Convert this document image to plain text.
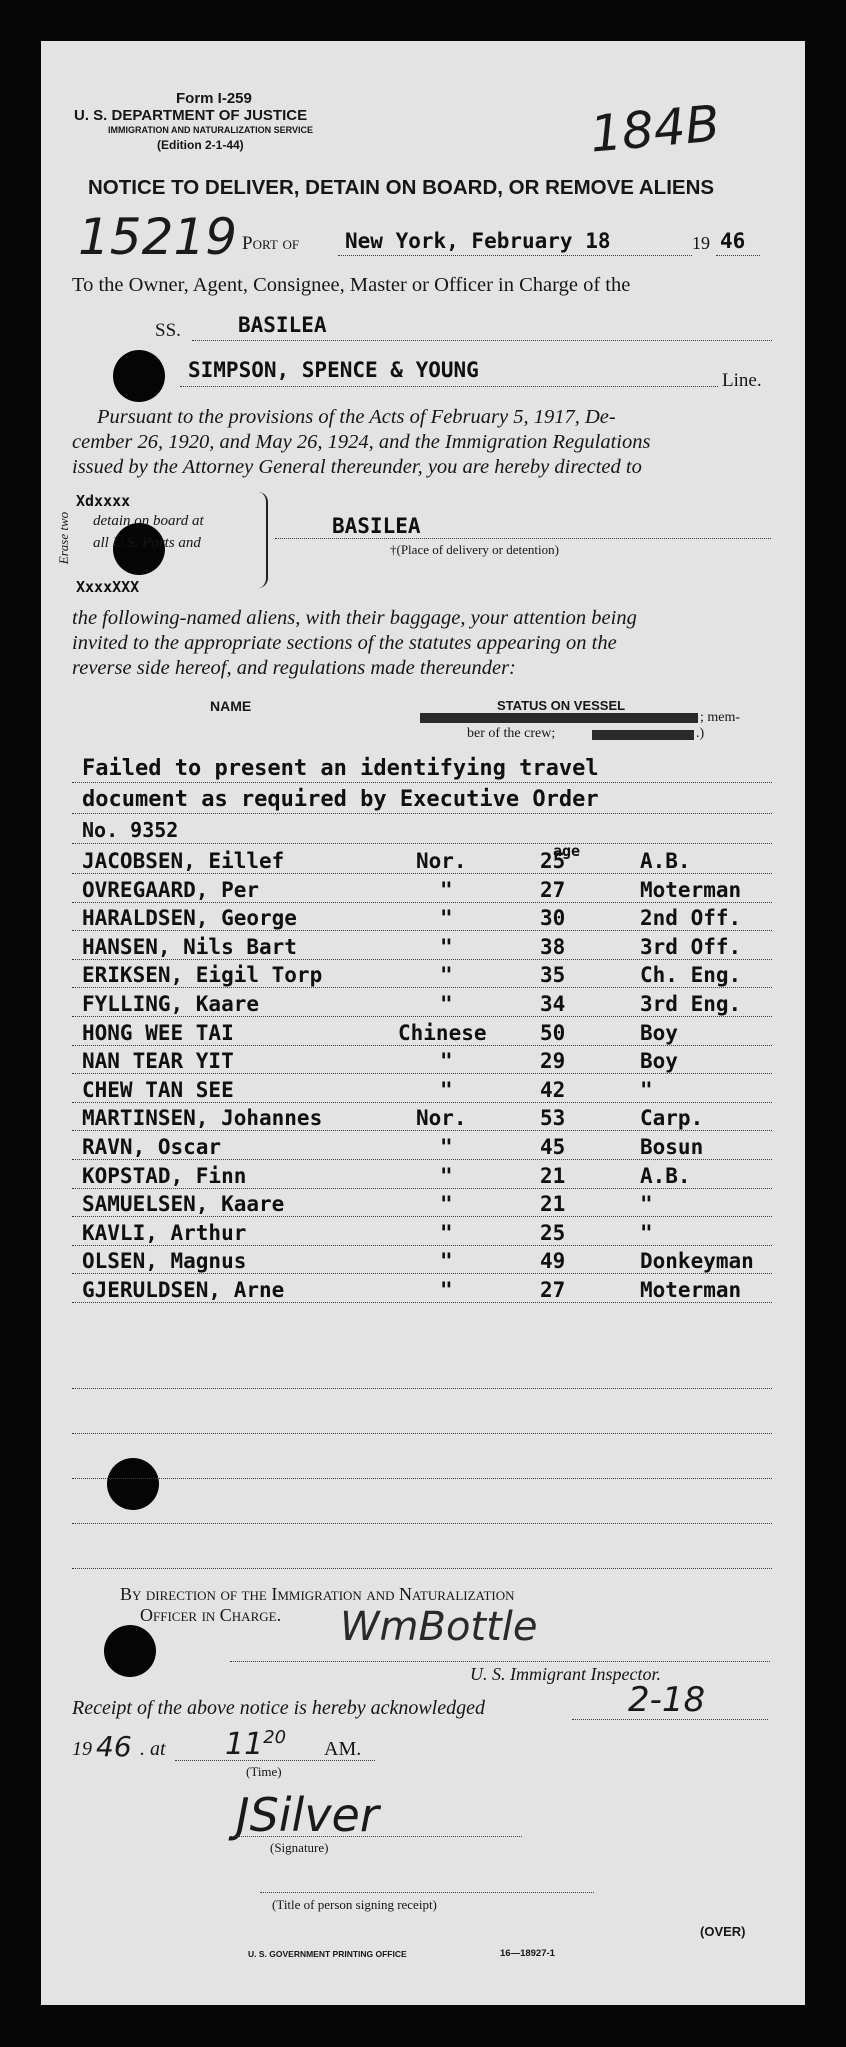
Form I-259
U. S. DEPARTMENT OF JUSTICE
IMMIGRATION AND NATURALIZATION SERVICE
(Edition 2-1-44)	184B
NOTICE TO DELIVER, DETAIN ON BOARD, OR REMOVE ALIENS
15219 Port of New York, February 18	19 46
To the Owner, Agent, Consignee, Master or Officer in Charge of the
SS.	BASILEA
SIMPSON, SPENCE & YOUNG	Line.
Pursuant to the provisions of the Acts of February 5, 1917, De-
cember 26, 1920, and May 26, 1924, and the Immigration Regulations
issued by the Attorney General thereunder, you are hereby directed to
Erase two
Xdxxxx
detain on board at
all U.S. Ports and
XxxxXXX
BASILEA
†(Place of delivery or detention)
the following-named aliens, with their baggage, your attention being
invited to the appropriate sections of the statutes appearing on the
reverse side hereof, and regulations made thereunder:
NAME	STATUS ON VESSEL
; mem-
ber of the crew;	.)
Failed to present an identifying travel
document as required by Executive Order
No. 9352
age
JACOBSEN, Eillef	Nor.	25	A.B.
OVREGAARD, Per	"	27	Moterman
HARALDSEN, George	"	30	2nd Off.
HANSEN, Nils Bart	"	38	3rd Off.
ERIKSEN, Eigil Torp	"	35	Ch. Eng.
FYLLING, Kaare	"	34	3rd Eng.
HONG WEE TAI	Chinese	50	Boy
NAN TEAR YIT	"	29	Boy
CHEW TAN SEE	"	42	"
MARTINSEN, Johannes	Nor.	53	Carp.
RAVN, Oscar	"	45	Bosun
KOPSTAD, Finn	"	21	A.B.
SAMUELSEN, Kaare	"	21	"
KAVLI, Arthur	"	25	"
OLSEN, Magnus	"	49	Donkeyman
GJERULDSEN, Arne	"	27	Moterman
By direction of the Immigration and Naturalization
Officer in Charge. WmBottle
U. S. Immigrant Inspector.
Receipt of the above notice is hereby acknowledged	2-18
19 46 . at $11^{20}$
AM.
(Time)
JSilver
(Signature)
(Title of person signing receipt)
(OVER)
U. S. GOVERNMENT PRINTING OFFICE	16—18927-1
